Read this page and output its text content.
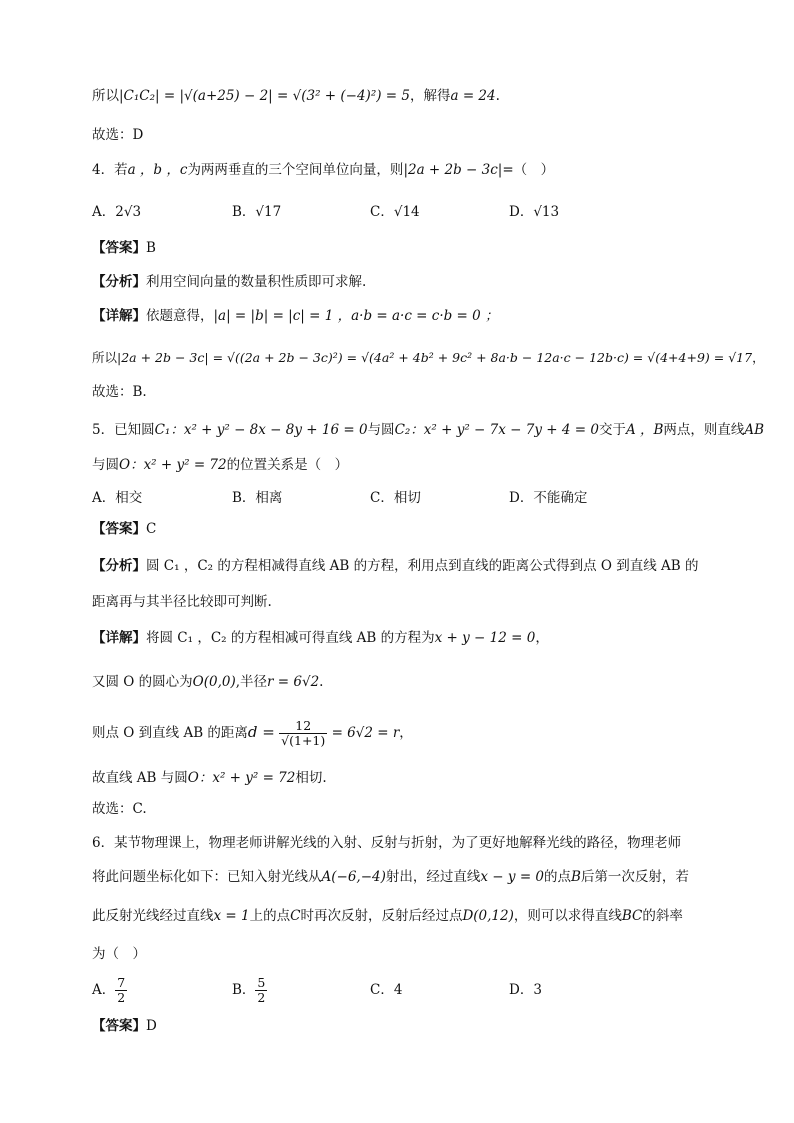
所以|C₁C₂| = |√(a+25) − 2| = √(3² + (−4)²) = 5，解得a = 24.
故选：D
4．若a ，b ，c为两两垂直的三个空间单位向量，则|2a + 2b − 3c|=（　）
A．2√3	B．√17	C．√14	D．√13
【答案】B
【分析】利用空间向量的数量积性质即可求解.
【详解】依题意得，|a| = |b| = |c| = 1 ，a·b = a·c = c·b = 0 ；
所以|2a + 2b − 3c| = √((2a + 2b − 3c)²) = √(4a² + 4b² + 9c² + 8a·b − 12a·c − 12b·c) = √(4+4+9) = √17，
故选：B.
5．已知圆C₁：x² + y² − 8x − 8y + 16 = 0与圆C₂：x² + y² − 7x − 7y + 4 = 0交于A ，B两点，则直线AB
与圆O：x² + y² = 72的位置关系是（　）
A．相交	B．相离	C．相切	D．不能确定
【答案】C
【分析】圆 C₁ ，C₂ 的方程相减得直线 AB 的方程，利用点到直线的距离公式得到点 O 到直线 AB 的
距离再与其半径比较即可判断.
【详解】将圆 C₁ ，C₂ 的方程相减可得直线 AB 的方程为x + y − 12 = 0，
又圆 O 的圆心为O(0,0),半径r = 6√2.
则点 O 到直线 AB 的距离$d = \frac{12}{√(1+1)} = 6√2 = r$，
故直线 AB 与圆O：x² + y² = 72相切.
故选：C.
6．某节物理课上，物理老师讲解光线的入射、反射与折射，为了更好地解释光线的路径，物理老师
将此问题坐标化如下：已知入射光线从A(−6,−4)射出，经过直线x − y = 0的点B后第一次反射，若
此反射光线经过直线x = 1上的点C时再次反射，反射后经过点D(0,12)，则可以求得直线BC的斜率
为（　）
A． $\frac{7}{2}$	B． $\frac{5}{2}$	C．4	D．3
【答案】D
